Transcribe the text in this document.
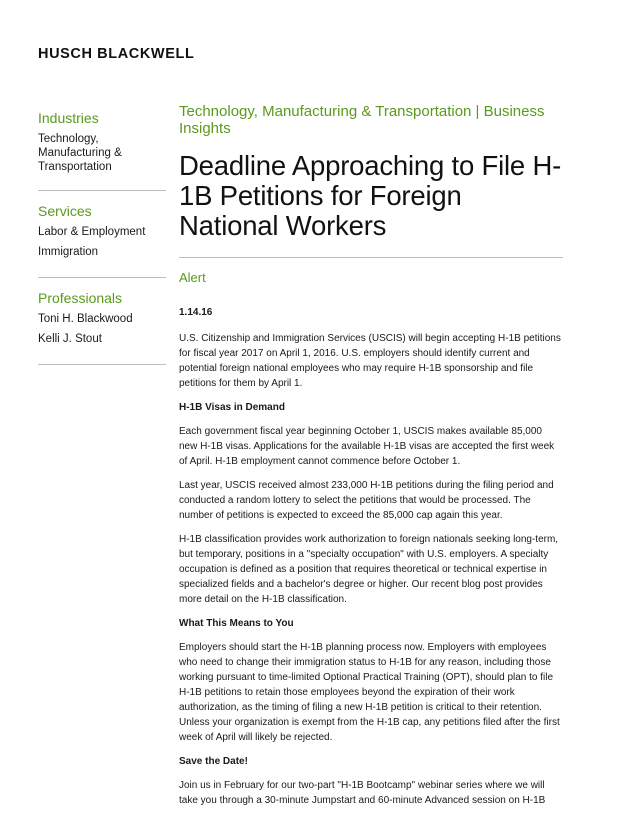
HUSCH BLACKWELL
Industries
Technology, Manufacturing & Transportation
Services
Labor & Employment
Immigration
Professionals
Toni H. Blackwood
Kelli J. Stout
Technology, Manufacturing & Transportation | Business Insights
Deadline Approaching to File H-1B Petitions for Foreign National Workers
Alert
1.14.16

U.S. Citizenship and Immigration Services (USCIS) will begin accepting H-1B petitions for fiscal year 2017 on April 1, 2016. U.S. employers should identify current and potential foreign national employees who may require H-1B sponsorship and file petitions for them by April 1.

H-1B Visas in Demand

Each government fiscal year beginning October 1, USCIS makes available 85,000 new H-1B visas. Applications for the available H-1B visas are accepted the first week of April. H-1B employment cannot commence before October 1.

Last year, USCIS received almost 233,000 H-1B petitions during the filing period and conducted a random lottery to select the petitions that would be processed. The number of petitions is expected to exceed the 85,000 cap again this year.

H-1B classification provides work authorization to foreign nationals seeking long-term, but temporary, positions in a "specialty occupation" with U.S. employers. A specialty occupation is defined as a position that requires theoretical or technical expertise in specialized fields and a bachelor's degree or higher. Our recent blog post provides more detail on the H-1B classification.

What This Means to You

Employers should start the H-1B planning process now. Employers with employees who need to change their immigration status to H-1B for any reason, including those working pursuant to time-limited Optional Practical Training (OPT), should plan to file H-1B petitions to retain those employees beyond the expiration of their work authorization, as the timing of filing a new H-1B petition is critical to their retention. Unless your organization is exempt from the H-1B cap, any petitions filed after the first week of April will likely be rejected.

Save the Date!

Join us in February for our two-part "H-1B Bootcamp" webinar series where we will take you through a 30-minute Jumpstart and 60-minute Advanced session on H-1B
